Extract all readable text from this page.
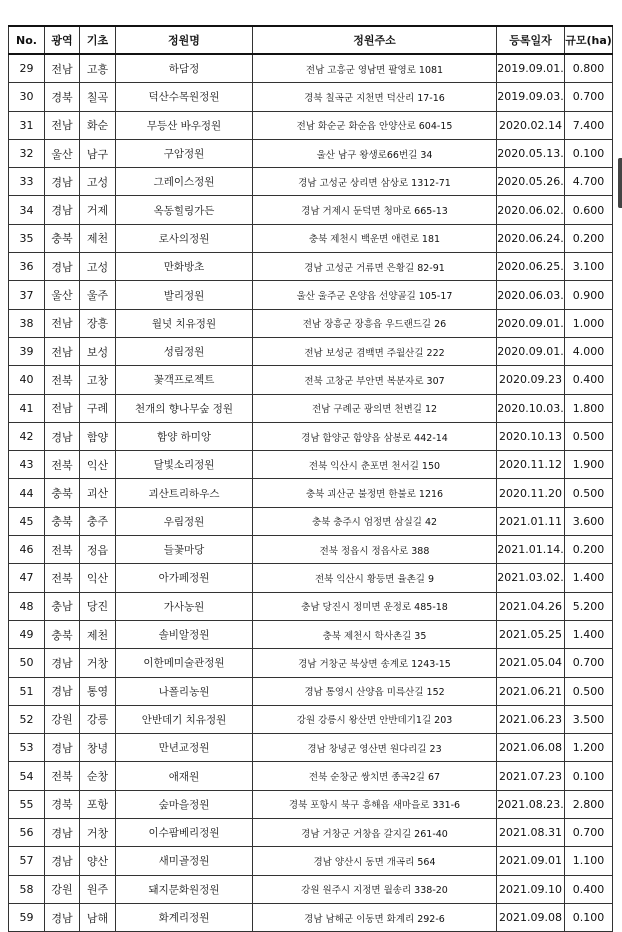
No.	광역	기초	정원명	정원주소	등록일자	규모(ha)
29	전남	고흥	하담정	전남 고흥군 영남면 팔영로 1081	2019.09.01.	0.800
30	경북	칠곡	덕산수목원정원	경북 칠곡군 지천면 덕산리 17-16	2019.09.03.	0.700
31	전남	화순	무등산 바우정원	전남 화순군 화순읍 안양산로 604-15	2020.02.14	7.400
32	울산	남구	구암정원	울산 남구 왕생로66번길 34	2020.05.13.	0.100
33	경남	고성	그레이스정원	경남 고성군 상리면 삼상로 1312-71	2020.05.26.	4.700
34	경남	거제	옥동힐링가든	경남 거제시 둔덕면 청마로 665-13	2020.06.02.	0.600
35	충북	제천	로사의정원	충북 제천시 백운면 애련로 181	2020.06.24.	0.200
36	경남	고성	만화방초	경남 고성군 거류면 은황길 82-91	2020.06.25.	3.100
37	울산	울주	발리정원	울산 울주군 온양읍 선양골길 105-17	2020.06.03.	0.900
38	전남	장흥	월넛 치유정원	전남 장흥군 장흥읍 우드랜드길 26	2020.09.01.	1.000
39	전남	보성	성림정원	전남 보성군 겸백면 주월산길 222	2020.09.01.	4.000
40	전북	고창	꽃객프로젝트	전북 고창군 부안면 복분자로 307	2020.09.23	0.400
41	전남	구례	천개의 향나무숲 정원	전남 구례군 광의면 천변길 12	2020.10.03.	1.800
42	경남	함양	함양 하미앙	경남 함양군 함양읍 삼봉로 442-14	2020.10.13	0.500
43	전북	익산	달빛소리정원	전북 익산시 춘포면 천서길 150	2020.11.12	1.900
44	충북	괴산	괴산트리하우스	충북 괴산군 불정면 한불로 1216	2020.11.20	0.500
45	충북	충주	우림정원	충북 충주시 엄정면 삼실길 42	2021.01.11	3.600
46	전북	정읍	들꽃마당	전북 정읍시 정읍사로 388	2021.01.14.	0.200
47	전북	익산	아가페정원	전북 익산시 황등면 율촌길 9	2021.03.02.	1.400
48	충남	당진	가사농원	충남 당진시 정미면 운정로 485-18	2021.04.26	5.200
49	충북	제천	솔비알정원	충북 제천시 학사촌길 35	2021.05.25	1.400
50	경남	거창	이한메미술관정원	경남 거창군 북상면 송계로 1243-15	2021.05.04	0.700
51	경남	통영	나폴리농원	경남 통영시 산양읍 미륵산길 152	2021.06.21	0.500
52	강원	강릉	안반데기 치유정원	강원 강릉시 왕산면 안반데기1길 203	2021.06.23	3.500
53	경남	창녕	만년교정원	경남 창녕군 영산면 원다리길 23	2021.06.08	1.200
54	전북	순창	애재원	전북 순창군 쌍치면 종곡2길 67	2021.07.23	0.100
55	경북	포항	숲마을정원	경북 포항시 북구 흥해읍 새마을로 331-6	2021.08.23.	2.800
56	경남	거창	이수팜베리정원	경남 거창군 거창읍 갈지길 261-40	2021.08.31	0.700
57	경남	양산	새미골정원	경남 양산시 동면 개곡리 564	2021.09.01	1.100
58	강원	원주	돼지문화원정원	강원 원주시 지정면 월송리 338-20	2021.09.10	0.400
59	경남	남해	화계리정원	경남 남해군 이동면 화계리 292-6	2021.09.08	0.100
